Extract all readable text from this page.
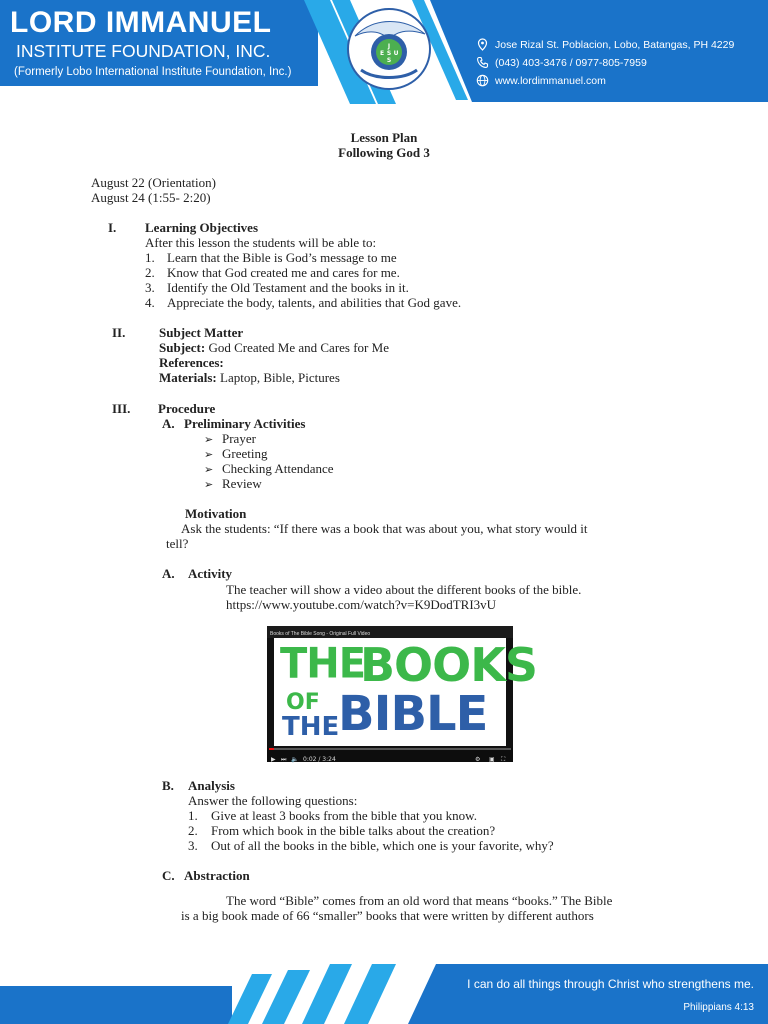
LORD IMMANUEL
INSTITUTE FOUNDATION, INC.
(Formerly Lobo International Institute Foundation, Inc.)
J
E S U
S
Jose Rizal St. Poblacion, Lobo, Batangas, PH 4229
(043) 403-3476 / 0977-805-7959
www.lordimmanuel.com
Lesson Plan
Following God 3
August 22 (Orientation)
August 24 (1:55- 2:20)
I. Learning Objectives
After this lesson the students will be able to:
1. Learn that the Bible is God’s message to me
2. Know that God created me and cares for me.
3. Identify the Old Testament and the books in it.
4. Appreciate the body, talents, and abilities that God gave.
II.	Subject Matter
Subject: God Created Me and Cares for Me
References:
Materials: Laptop, Bible, Pictures
III. Procedure
A. Preliminary Activities
➢ Prayer
➢ Greeting
➢ Checking Attendance
➢ Review
Motivation
Ask the students: “If there was a book that was about you, what story would it
tell?
A. Activity
The teacher will show a video about the different books of the bible.
https://www.youtube.com/watch?v=K9DodTRI3vU
Books of The Bible Song - Original Full Video
THE
BOOKS
OF
THE
BIBLE
▶ ⏭ 🔈 0:02 / 3:24	⚙ ▣ ⛶
B. Analysis
Answer the following questions:
1. Give at least 3 books from the bible that you know.
2. From which book in the bible talks about the creation?
3. Out of all the books in the bible, which one is your favorite, why?
C. Abstraction
The word “Bible” comes from an old word that means “books.” The Bible
is a big book made of 66 “smaller” books that were written by different authors
I can do all things through Christ who strengthens me.
Philippians 4:13
